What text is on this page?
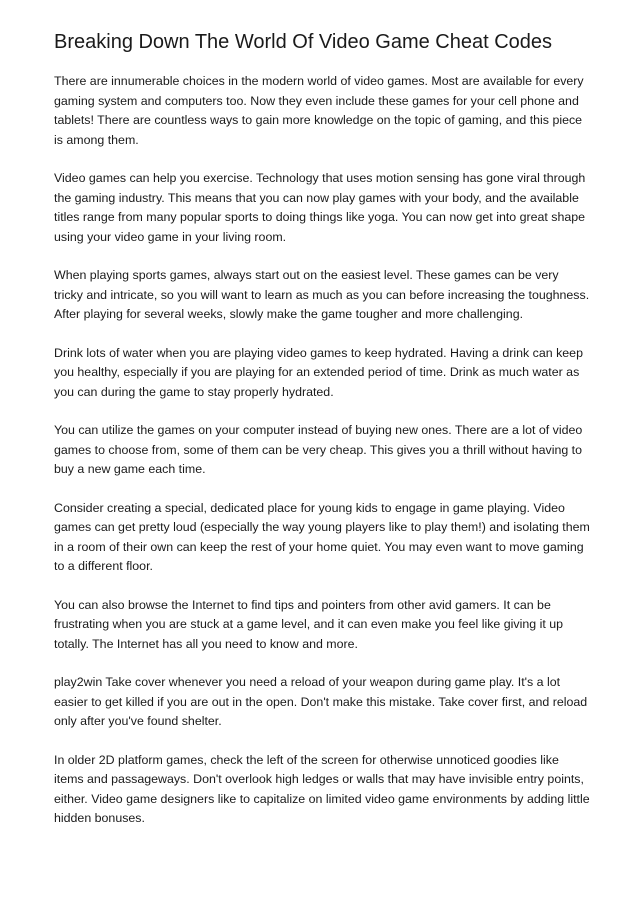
Breaking Down The World Of Video Game Cheat Codes

There are innumerable choices in the modern world of video games. Most are available for every gaming system and computers too. Now they even include these games for your cell phone and tablets! There are countless ways to gain more knowledge on the topic of gaming, and this piece is among them.

Video games can help you exercise. Technology that uses motion sensing has gone viral through the gaming industry. This means that you can now play games with your body, and the available titles range from many popular sports to doing things like yoga. You can now get into great shape using your video game in your living room.

When playing sports games, always start out on the easiest level. These games can be very tricky and intricate, so you will want to learn as much as you can before increasing the toughness. After playing for several weeks, slowly make the game tougher and more challenging.

Drink lots of water when you are playing video games to keep hydrated. Having a drink can keep you healthy, especially if you are playing for an extended period of time. Drink as much water as you can during the game to stay properly hydrated.

You can utilize the games on your computer instead of buying new ones. There are a lot of video games to choose from, some of them can be very cheap. This gives you a thrill without having to buy a new game each time.

Consider creating a special, dedicated place for young kids to engage in game playing. Video games can get pretty loud (especially the way young players like to play them!) and isolating them in a room of their own can keep the rest of your home quiet. You may even want to move gaming to a different floor.

You can also browse the Internet to find tips and pointers from other avid gamers. It can be frustrating when you are stuck at a game level, and it can even make you feel like giving it up totally. The Internet has all you need to know and more.

play2win Take cover whenever you need a reload of your weapon during game play. It's a lot easier to get killed if you are out in the open. Don't make this mistake. Take cover first, and reload only after you've found shelter.

In older 2D platform games, check the left of the screen for otherwise unnoticed goodies like items and passageways. Don't overlook high ledges or walls that may have invisible entry points, either. Video game designers like to capitalize on limited video game environments by adding little hidden bonuses.
